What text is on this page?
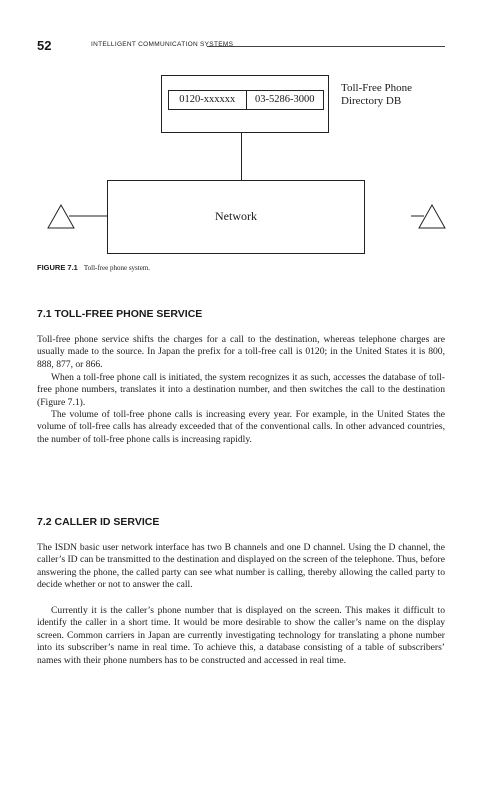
52	INTELLIGENT COMMUNICATION SYSTEMS
0120-xxxxxx	03-5286-3000
Toll-Free Phone
Directory DB
Network
FIGURE 7.1 Toll-free phone system.
7.1 TOLL-FREE PHONE SERVICE

Toll-free phone service shifts the charges for a call to the destination, whereas telephone charges are usually made to the source. In Japan the prefix for a toll-free call is 0120; in the United States it is 800, 888, 877, or 866.

When a toll-free phone call is initiated, the system recognizes it as such, accesses the database of toll-free phone numbers, translates it into a destination number, and then switches the call to the destination (Figure 7.1).

The volume of toll-free phone calls is increasing every year. For example, in the United States the volume of toll-free calls has already exceeded that of the conventional calls. In other advanced countries, the number of toll-free phone calls is increasing rapidly.

7.2 CALLER ID SERVICE

The ISDN basic user network interface has two B channels and one D channel. Using the D channel, the caller’s ID can be transmitted to the destination and displayed on the screen of the telephone. Thus, before answering the phone, the called party can see what number is calling, thereby allowing the called party to decide whether or not to answer the call.

Currently it is the caller’s phone number that is displayed on the screen. This makes it difficult to identify the caller in a short time. It would be more desirable to show the caller’s name on the display screen. Common carriers in Japan are currently investigating technology for translating a phone number into its subscriber’s name in real time. To achieve this, a database consisting of a table of subscribers’ names with their phone numbers has to be constructed and accessed in real time.
